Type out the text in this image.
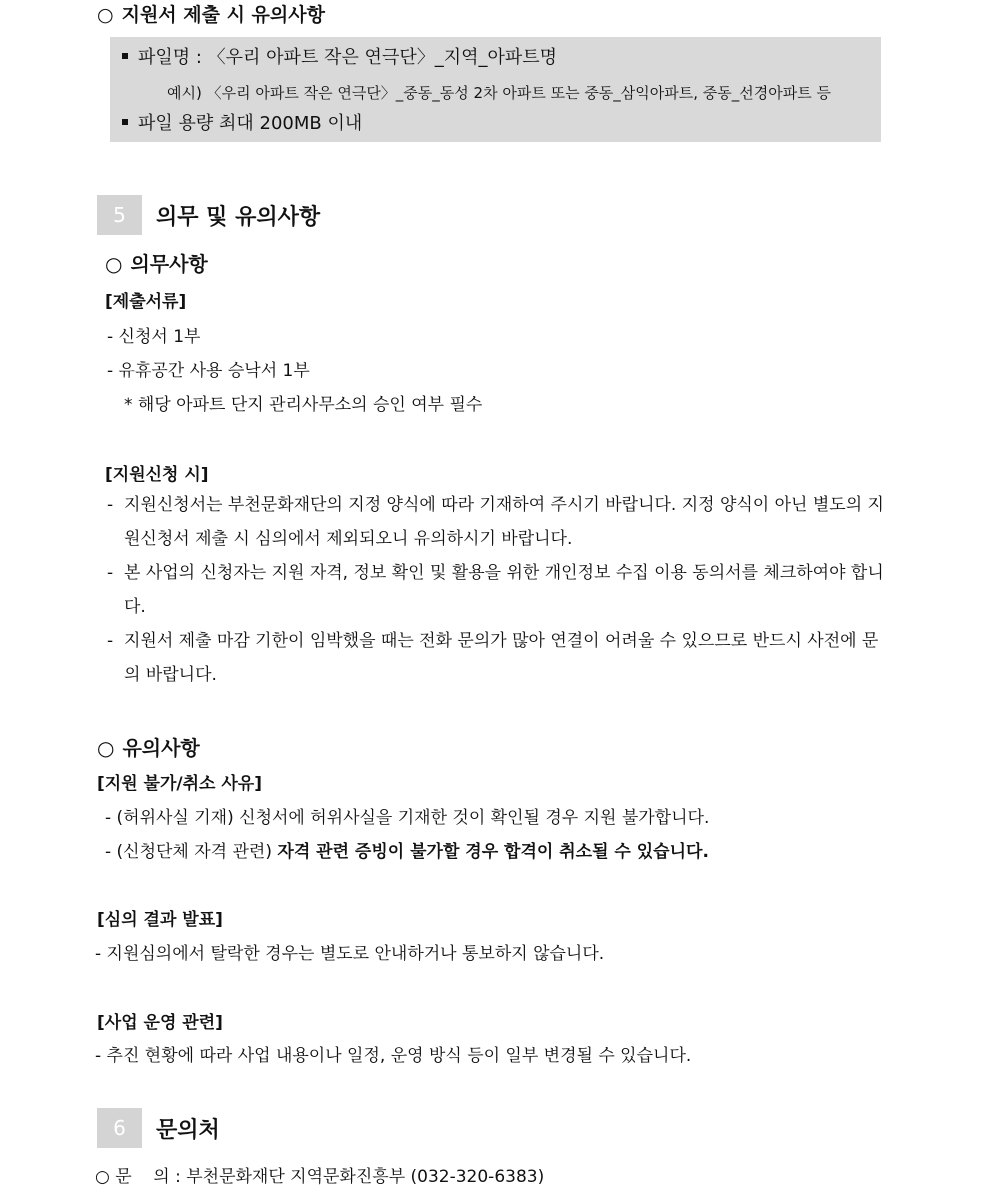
○ 지원서 제출 시 유의사항
파일명 : 〈우리 아파트 작은 연극단〉_지역_아파트명
예시) 〈우리 아파트 작은 연극단〉_중동_동성 2차 아파트 또는 중동_삼익아파트, 중동_선경아파트 등
파일 용량 최대 200MB 이내
5	의무 및 유의사항
○ 의무사항
[제출서류]
- 신청서 1부
- 유휴공간 사용 승낙서 1부
* 해당 아파트 단지 관리사무소의 승인 여부 필수
[지원신청 시]
- 지원신청서는 부천문화재단의 지정 양식에 따라 기재하여 주시기 바랍니다. 지정 양식이 아닌 별도의 지원신청서 제출 시 심의에서 제외되오니 유의하시기 바랍니다.
- 본 사업의 신청자는 지원 자격, 정보 확인 및 활용을 위한 개인정보 수집 이용 동의서를 체크하여야 합니다.
- 지원서 제출 마감 기한이 임박했을 때는 전화 문의가 많아 연결이 어려울 수 있으므로 반드시 사전에 문의 바랍니다.
○ 유의사항
[지원 불가/취소 사유]
- (허위사실 기재) 신청서에 허위사실을 기재한 것이 확인될 경우 지원 불가합니다.
- (신청단체 자격 관련) 자격 관련 증빙이 불가할 경우 합격이 취소될 수 있습니다.
[심의 결과 발표]
- 지원심의에서 탈락한 경우는 별도로 안내하거나 통보하지 않습니다.
[사업 운영 관련]
- 추진 현황에 따라 사업 내용이나 일정, 운영 방식 등이 일부 변경될 수 있습니다.
6	문의처
○ 문    의 : 부천문화재단 지역문화진흥부 (032-320-6383)
